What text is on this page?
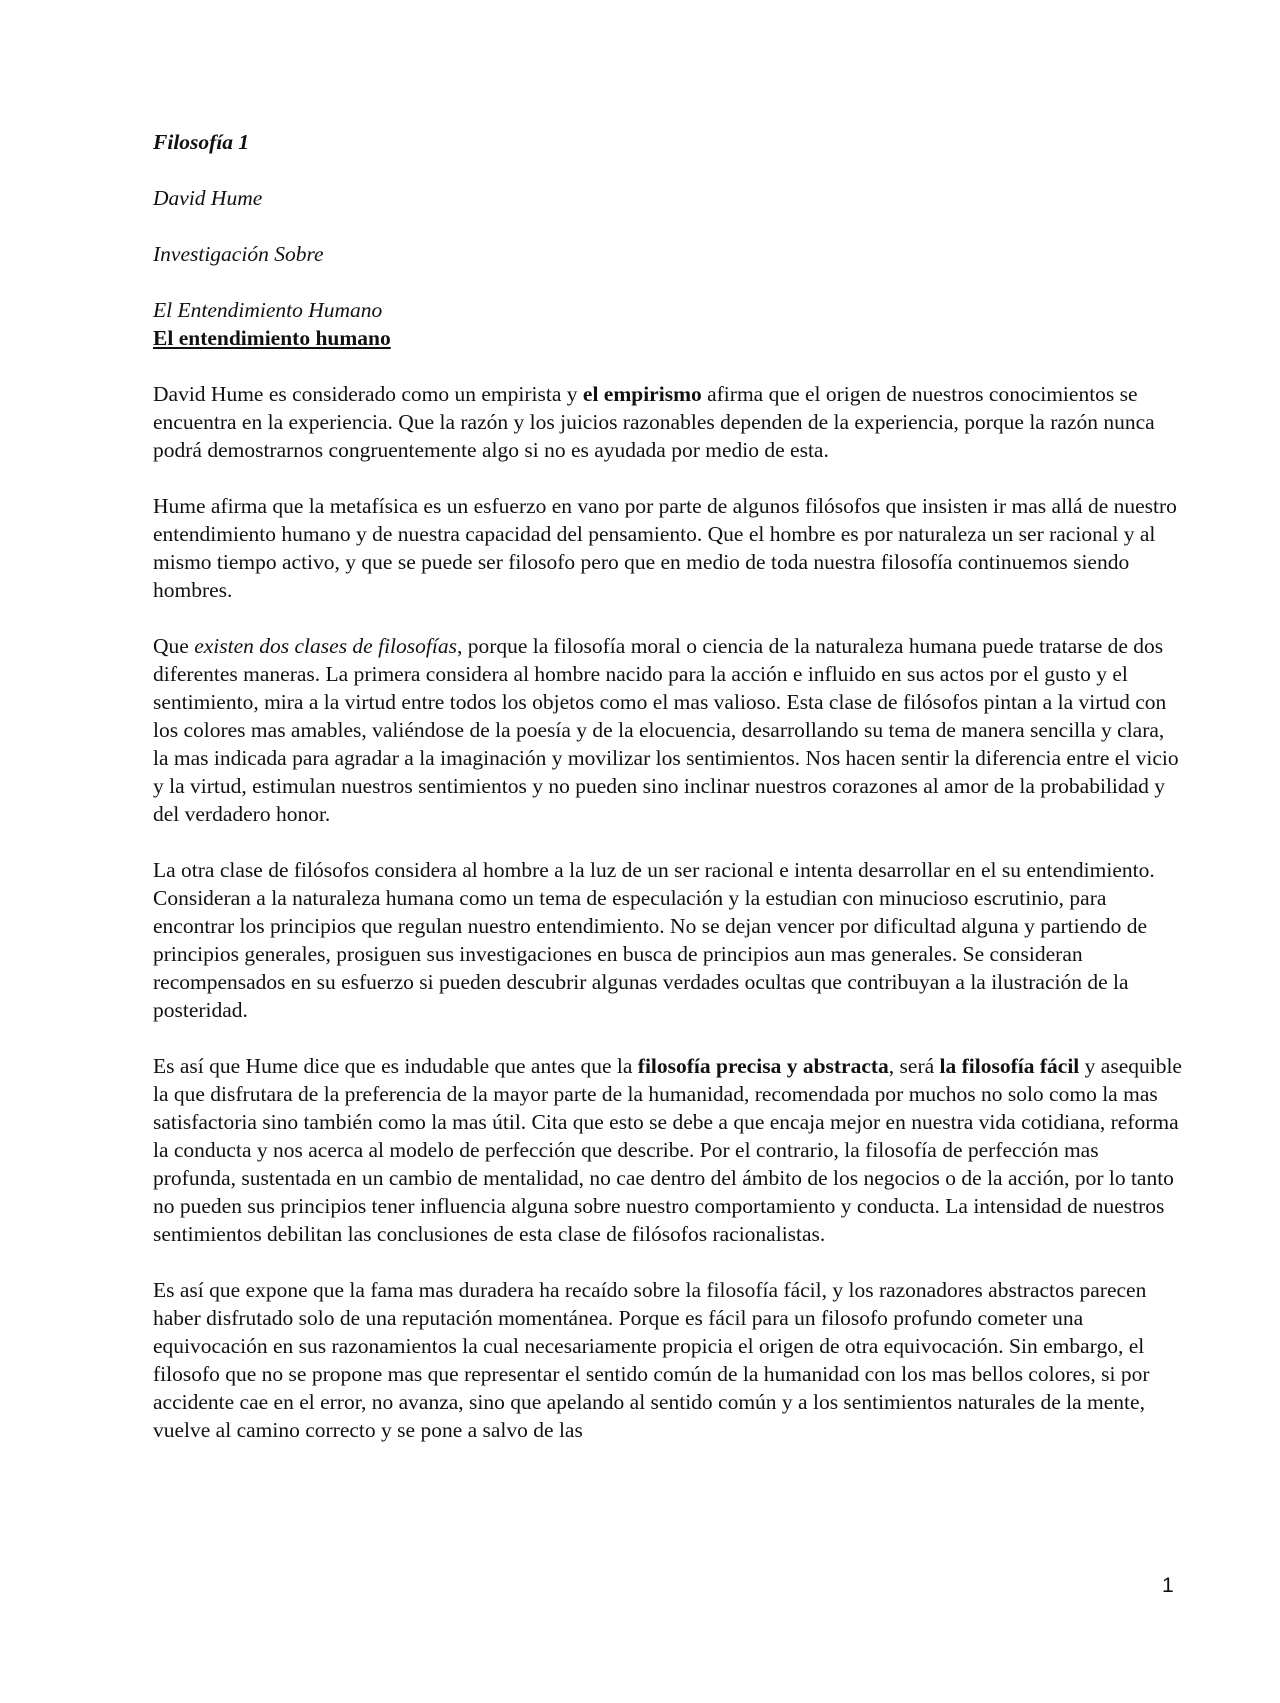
Filosofía 1

David Hume

Investigación Sobre

El Entendimiento Humano

El entendimiento humano

David Hume es considerado como un empirista y el empirismo afirma que el origen de nuestros conocimientos se encuentra en la experiencia. Que la razón y los juicios razonables dependen de la experiencia, porque la razón nunca podrá demostrarnos congruentemente algo si no es ayudada por medio de esta.

Hume afirma que la metafísica es un esfuerzo en vano por parte de algunos filósofos que insisten ir mas allá de nuestro entendimiento humano y de nuestra capacidad del pensamiento. Que el hombre es por naturaleza un ser racional y al mismo tiempo activo, y que se puede ser filosofo pero que en medio de toda nuestra filosofía continuemos siendo hombres.

Que existen dos clases de filosofías, porque la filosofía moral o ciencia de la naturaleza humana puede tratarse de dos diferentes maneras. La primera considera al hombre nacido para la acción e influido en sus actos por el gusto y el sentimiento, mira a la virtud entre todos los objetos como el mas valioso. Esta clase de filósofos pintan a la virtud con los colores mas amables, valiéndose de la poesía y de la elocuencia, desarrollando su tema de manera sencilla y clara, la mas indicada para agradar a la imaginación y movilizar los sentimientos. Nos hacen sentir la diferencia entre el vicio y la virtud, estimulan nuestros sentimientos y no pueden sino inclinar nuestros corazones al amor de la probabilidad y del verdadero honor.

La otra clase de filósofos considera al hombre a la luz de un ser racional e intenta desarrollar en el su entendimiento. Consideran a la naturaleza humana como un tema de especulación y la estudian con minucioso escrutinio, para encontrar los principios que regulan nuestro entendimiento. No se dejan vencer por dificultad alguna y partiendo de principios generales, prosiguen sus investigaciones en busca de principios aun mas generales. Se consideran recompensados en su esfuerzo si pueden descubrir algunas verdades ocultas que contribuyan a la ilustración de la posteridad.

Es así que Hume dice que es indudable que antes que la filosofía precisa y abstracta, será la filosofía fácil y asequible la que disfrutara de la preferencia de la mayor parte de la humanidad, recomendada por muchos no solo como la mas satisfactoria sino también como la mas útil. Cita que esto se debe a que encaja mejor en nuestra vida cotidiana, reforma la conducta y nos acerca al modelo de perfección que describe. Por el contrario, la filosofía de perfección mas profunda, sustentada en un cambio de mentalidad, no cae dentro del ámbito de los negocios o de la acción, por lo tanto no pueden sus principios tener influencia alguna sobre nuestro comportamiento y conducta. La intensidad de nuestros sentimientos debilitan las conclusiones de esta clase de filósofos racionalistas.

Es así que expone que la fama mas duradera ha recaído sobre la filosofía fácil, y los razonadores abstractos parecen haber disfrutado solo de una reputación momentánea. Porque es fácil para un filosofo profundo cometer una equivocación en sus razonamientos la cual necesariamente propicia el origen de otra equivocación. Sin embargo, el filosofo que no se propone mas que representar el sentido común de la humanidad con los mas bellos colores, si por accidente cae en el error, no avanza, sino que apelando al sentido común y a los sentimientos naturales de la mente, vuelve al camino correcto y se pone a salvo de las

1
